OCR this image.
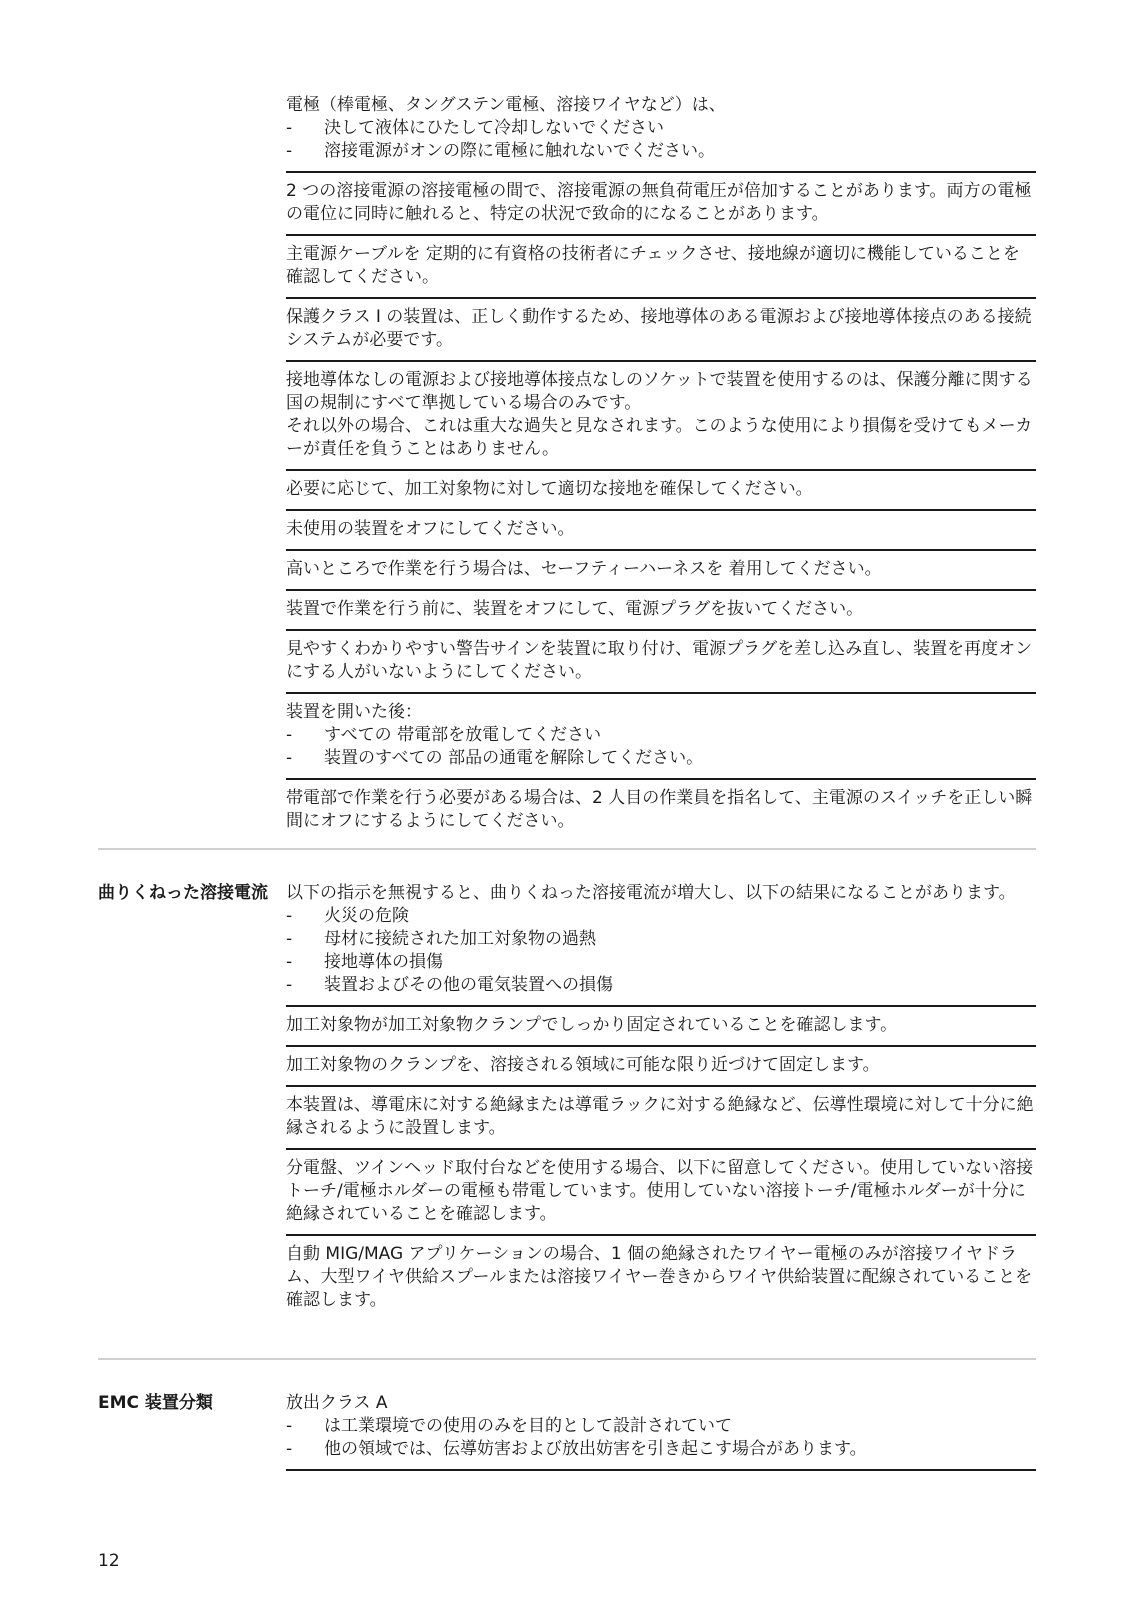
電極（棒電極、タングステン電極、溶接ワイヤなど）は、

-	決して液体にひたして冷却しないでください
-	溶接電源がオンの際に電極に触れないでください。

2 つの溶接電源の溶接電極の間で、溶接電源の無負荷電圧が倍加することがあります。両方の電極の電位に同時に触れると、特定の状況で致命的になることがあります。

主電源ケーブルを 定期的に有資格の技術者にチェックさせ、接地線が適切に機能していることを確認してください。

保護クラス I の装置は、正しく動作するため、接地導体のある電源および接地導体接点のある接続システムが必要です。

接地導体なしの電源および接地導体接点なしのソケットで装置を使用するのは、保護分離に関する国の規制にすべて準拠している場合のみです。

それ以外の場合、これは重大な過失と見なされます。このような使用により損傷を受けてもメーカーが責任を負うことはありません。

必要に応じて、加工対象物に対して適切な接地を確保してください。

未使用の装置をオフにしてください。

高いところで作業を行う場合は、セーフティーハーネスを 着用してください。

装置で作業を行う前に、装置をオフにして、電源プラグを抜いてください。

見やすくわかりやすい警告サインを装置に取り付け、電源プラグを差し込み直し、装置を再度オンにする人がいないようにしてください。

装置を開いた後：

-	すべての 帯電部を放電してください
-	装置のすべての 部品の通電を解除してください。

帯電部で作業を行う必要がある場合は、2 人目の作業員を指名して、主電源のスイッチを正しい瞬間にオフにするようにしてください。

曲りくねった溶接電流 以下の指示を無視すると、曲りくねった溶接電流が増大し、以下の結果になることがあります。

-	火災の危険
-	母材に接続された加工対象物の過熱
-	接地導体の損傷
-	装置およびその他の電気装置への損傷

加工対象物が加工対象物クランプでしっかり固定されていることを確認します。

加工対象物のクランプを、溶接される領域に可能な限り近づけて固定します。

本装置は、導電床に対する絶縁または導電ラックに対する絶縁など、伝導性環境に対して十分に絶縁されるように設置します。

分電盤、ツインヘッド取付台などを使用する場合、以下に留意してください。使用していない溶接トーチ/電極ホルダーの電極も帯電しています。使用していない溶接トーチ/電極ホルダーが十分に絶縁されていることを確認します。

自動 MIG/MAG アプリケーションの場合、1 個の絶縁されたワイヤー電極のみが溶接ワイヤドラム、大型ワイヤ供給スプールまたは溶接ワイヤー巻きからワイヤ供給装置に配線されていることを確認します。

EMC 装置分類	放出クラス A

-	は工業環境での使用のみを目的として設計されていて
-	他の領域では、伝導妨害および放出妨害を引き起こす場合があります。
12
